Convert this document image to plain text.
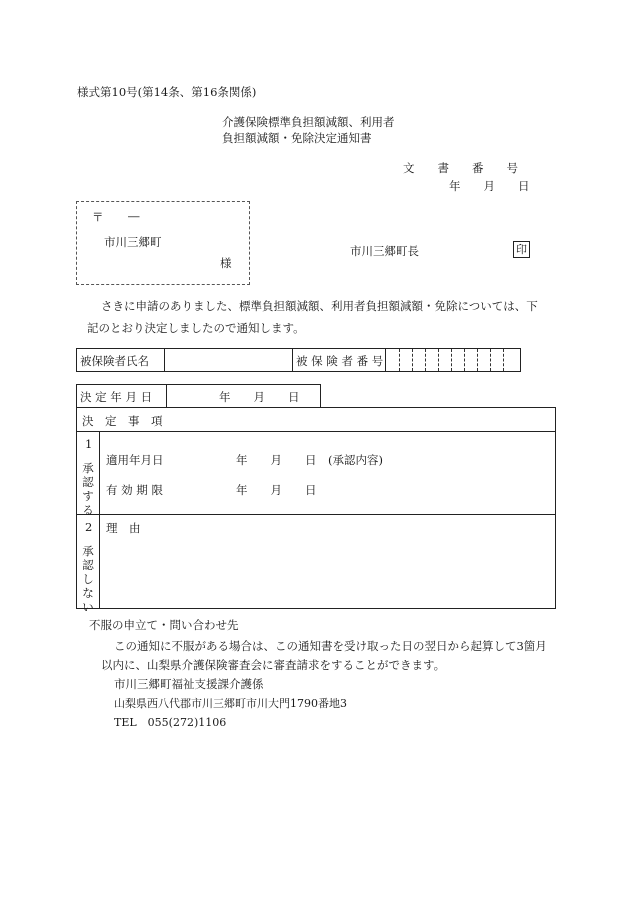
様式第10号(第14条、第16条関係)
介護保険標準負担額減額、利用者
負担額減額・免除決定通知書
文　　書　　番　　号
年　　月　　日
〒 ―
市川三郷町
様
市川三郷町長	印
さきに申請のありました、標準負担額減額、利用者負担額減額・免除については、下
記のとおり決定しましたので通知します。
被保険者氏名	被 保 険 者 番 号
決 定 年 月 日	年　　月　　日
決　定　事　項
1
承認する
適用年月日	年　　月　　日　(承認内容)
有 効 期 限	年　　月　　日
2
承認しない
理　由
不服の申立て・問い合わせ先
この通知に不服がある場合は、この通知書を受け取った日の翌日から起算して3箇月
以内に、山梨県介護保険審査会に審査請求をすることができます。
市川三郷町福祉支援課介護係
山梨県西八代郡市川三郷町市川大門1790番地3
TEL　055(272)1106
